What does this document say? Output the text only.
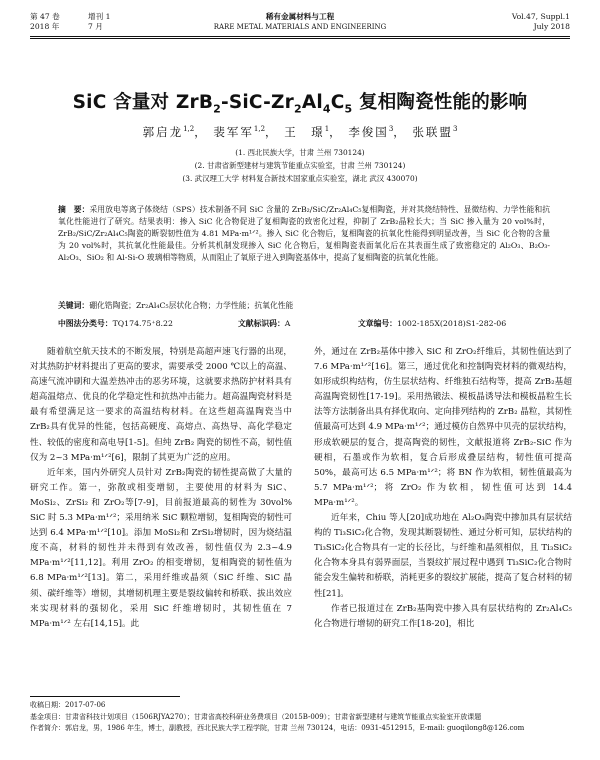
第 47 卷	增刊 1	稀有金属材料与工程	Vol.47, Suppl.1
2018 年	7 月	RARE METAL MATERIALS AND ENGINEERING	July 2018
SiC 含量对 $ZrB_2-SiC-Zr_2Al_4C_5$ 复相陶瓷性能的影响
郭启龙$^{1,2}$， 裴军军$^{1,2}$， 王　璟$^1$， 李俊国$^3$， 张联盟$^3$
(1. 西北民族大学，甘肃 兰州 730124)
(2. 甘肃省新型建材与建筑节能重点实验室，甘肃 兰州 730124)
(3. 武汉理工大学 材料复合新技术国家重点实验室，湖北 武汉 430070)
摘　要：采用放电等离子体烧结（SPS）技术制备不同 SiC 含量的 ZrB₂/SiC/Zr₂Al₄C₅复相陶瓷，并对其烧结特性、显微结构、力学性能和抗氧化性能进行了研究。结果表明：掺入 SiC 化合物促进了复相陶瓷的致密化过程，抑制了 ZrB₂晶粒长大；当 SiC 掺入量为 20 vol%时，ZrB₂/SiC/Zr₂Al₄C₅陶瓷的断裂韧性值为 4.81 MPa·m¹ᐟ²。掺入 SiC 化合物后，复相陶瓷的抗氧化性能得到明显改善，当 SiC 化合物的含量为 20 vol%时，其抗氧化性能最佳。分析其机制发现掺入 SiC 化合物后，复相陶瓷表面氧化后在其表面生成了致密稳定的 Al₂O₃、B₂O₃-Al₂O₃、SiO₂ 和 Al-Si-O 玻璃相等物质，从而阻止了氧原子进入到陶瓷基体中，提高了复相陶瓷的抗氧化性能。
关键词：硼化锆陶瓷；Zr₂Al₄C₅层状化合物；力学性能；抗氧化性能
中图法分类号：TQ174.75⁺8.22	文献标识码：A	文章编号：1002-185X(2018)S1-282-06

随着航空航天技术的不断发展，特别是高超声速飞行器的出现，对其热防护材料提出了更高的要求，需要承受 2000 ℃以上的高温、高速气流冲刷和大温差热冲击的恶劣环境，这就要求热防护材料具有超高温熔点、优良的化学稳定性和抗热冲击能力。超高温陶瓷材料是最有希望满足这一要求的高温结构材料。在这些超高温陶瓷当中 ZrB₂具有优异的性能，包括高硬度、高熔点、高热导、高化学稳定性、较低的密度和高电导[1-5]。但纯 ZrB₂ 陶瓷的韧性不高，韧性值仅为 2~3 MPa·m¹ᐟ²[6]，限制了其更为广泛的应用。

近年来，国内外研究人员针对 ZrB₂陶瓷的韧性提高做了大量的研究工作。第一，弥散或相变增韧，主要使用的材料为 SiC、MoSi₂、ZrSi₂ 和 ZrO₂等[7-9]，目前报道最高的韧性为 30vol% SiC 时 5.3 MPa·m¹ᐟ²；采用纳米 SiC 颗粒增韧，复相陶瓷的韧性可达到 6.4 MPa·m¹ᐟ²[10]。添加 MoSi₂和 ZrSi₂增韧时，因为烧结温度不高，材料的韧性并未得到有效改善，韧性值仅为 2.3~4.9 MPa·m¹ᐟ²[11,12]。利用 ZrO₂ 的相变增韧，复相陶瓷的韧性值为 6.8 MPa·m¹ᐟ²[13]。第二，采用纤维或晶须（SiC 纤维、SiC 晶须、碳纤维等）增韧，其增韧机理主要是裂纹偏转和桥联、拔出效应来实现材料的强韧化，采用 SiC 纤维增韧时，其韧性值在 7 MPa·m¹ᐟ² 左右[14,15]。此

外，通过在 ZrB₂基体中掺入 SiC 和 ZrO₂纤维后，其韧性值达到了 7.6 MPa·m¹ᐟ²[16]。第三，通过优化和控制陶瓷材料的微观结构，如形成织构结构，仿生层状结构、纤维独石结构等，提高 ZrB₂基超高温陶瓷韧性[17-19]。采用热锻法、模板晶诱导法和模板晶粒生长法等方法制备出具有择优取向、定向排列结构的 ZrB₂ 晶粒，其韧性值最高可达到 4.9 MPa·m¹ᐟ²；通过模仿自然界中贝壳的层状结构，形成软硬层的复合，提高陶瓷的韧性，文献报道将 ZrB₂-SiC 作为硬相，石墨或作为软相，复合后形成叠层结构，韧性值可提高 50%，最高可达 6.5 MPa·m¹ᐟ²；将 BN 作为软相，韧性值最高为 5.7 MPa·m¹ᐟ²；将 ZrO₂ 作为软相，韧性值可达到 14.4 MPa·m¹ᐟ²。

近年来，Chiu 等人[20]成功地在 Al₂O₃陶瓷中掺加具有层状结构的 Ti₃SiC₂化合物，发现其断裂韧性、通过分析可知，层状结构的 Ti₃SiC₂化合物具有一定的长径比，与纤维和晶须相似，且 Ti₃SiC₂化合物本身具有弱界面层，当裂纹扩展过程中遇到 Ti₃SiC₂化合物时能会发生偏转和桥联，消耗更多的裂纹扩展能，提高了复合材料的韧性[21]。

作者已报道过在 ZrB₂基陶瓷中掺入具有层状结构的 Zr₂Al₄C₅化合物进行增韧的研究工作[18-20]，相比

收稿日期：2017-07-06
基金项目：甘肃省科技计划项目（1506RJYA270）；甘肃省高校科研业务费项目（2015B-009）；甘肃省新型建材与建筑节能重点实验室开放课题
作者简介：郭启龙，男，1986 年生，博士，副教授，西北民族大学工程学院，甘肃 兰州 730124，电话：0931-4512915，E-mail: guoqilong8@126.com
